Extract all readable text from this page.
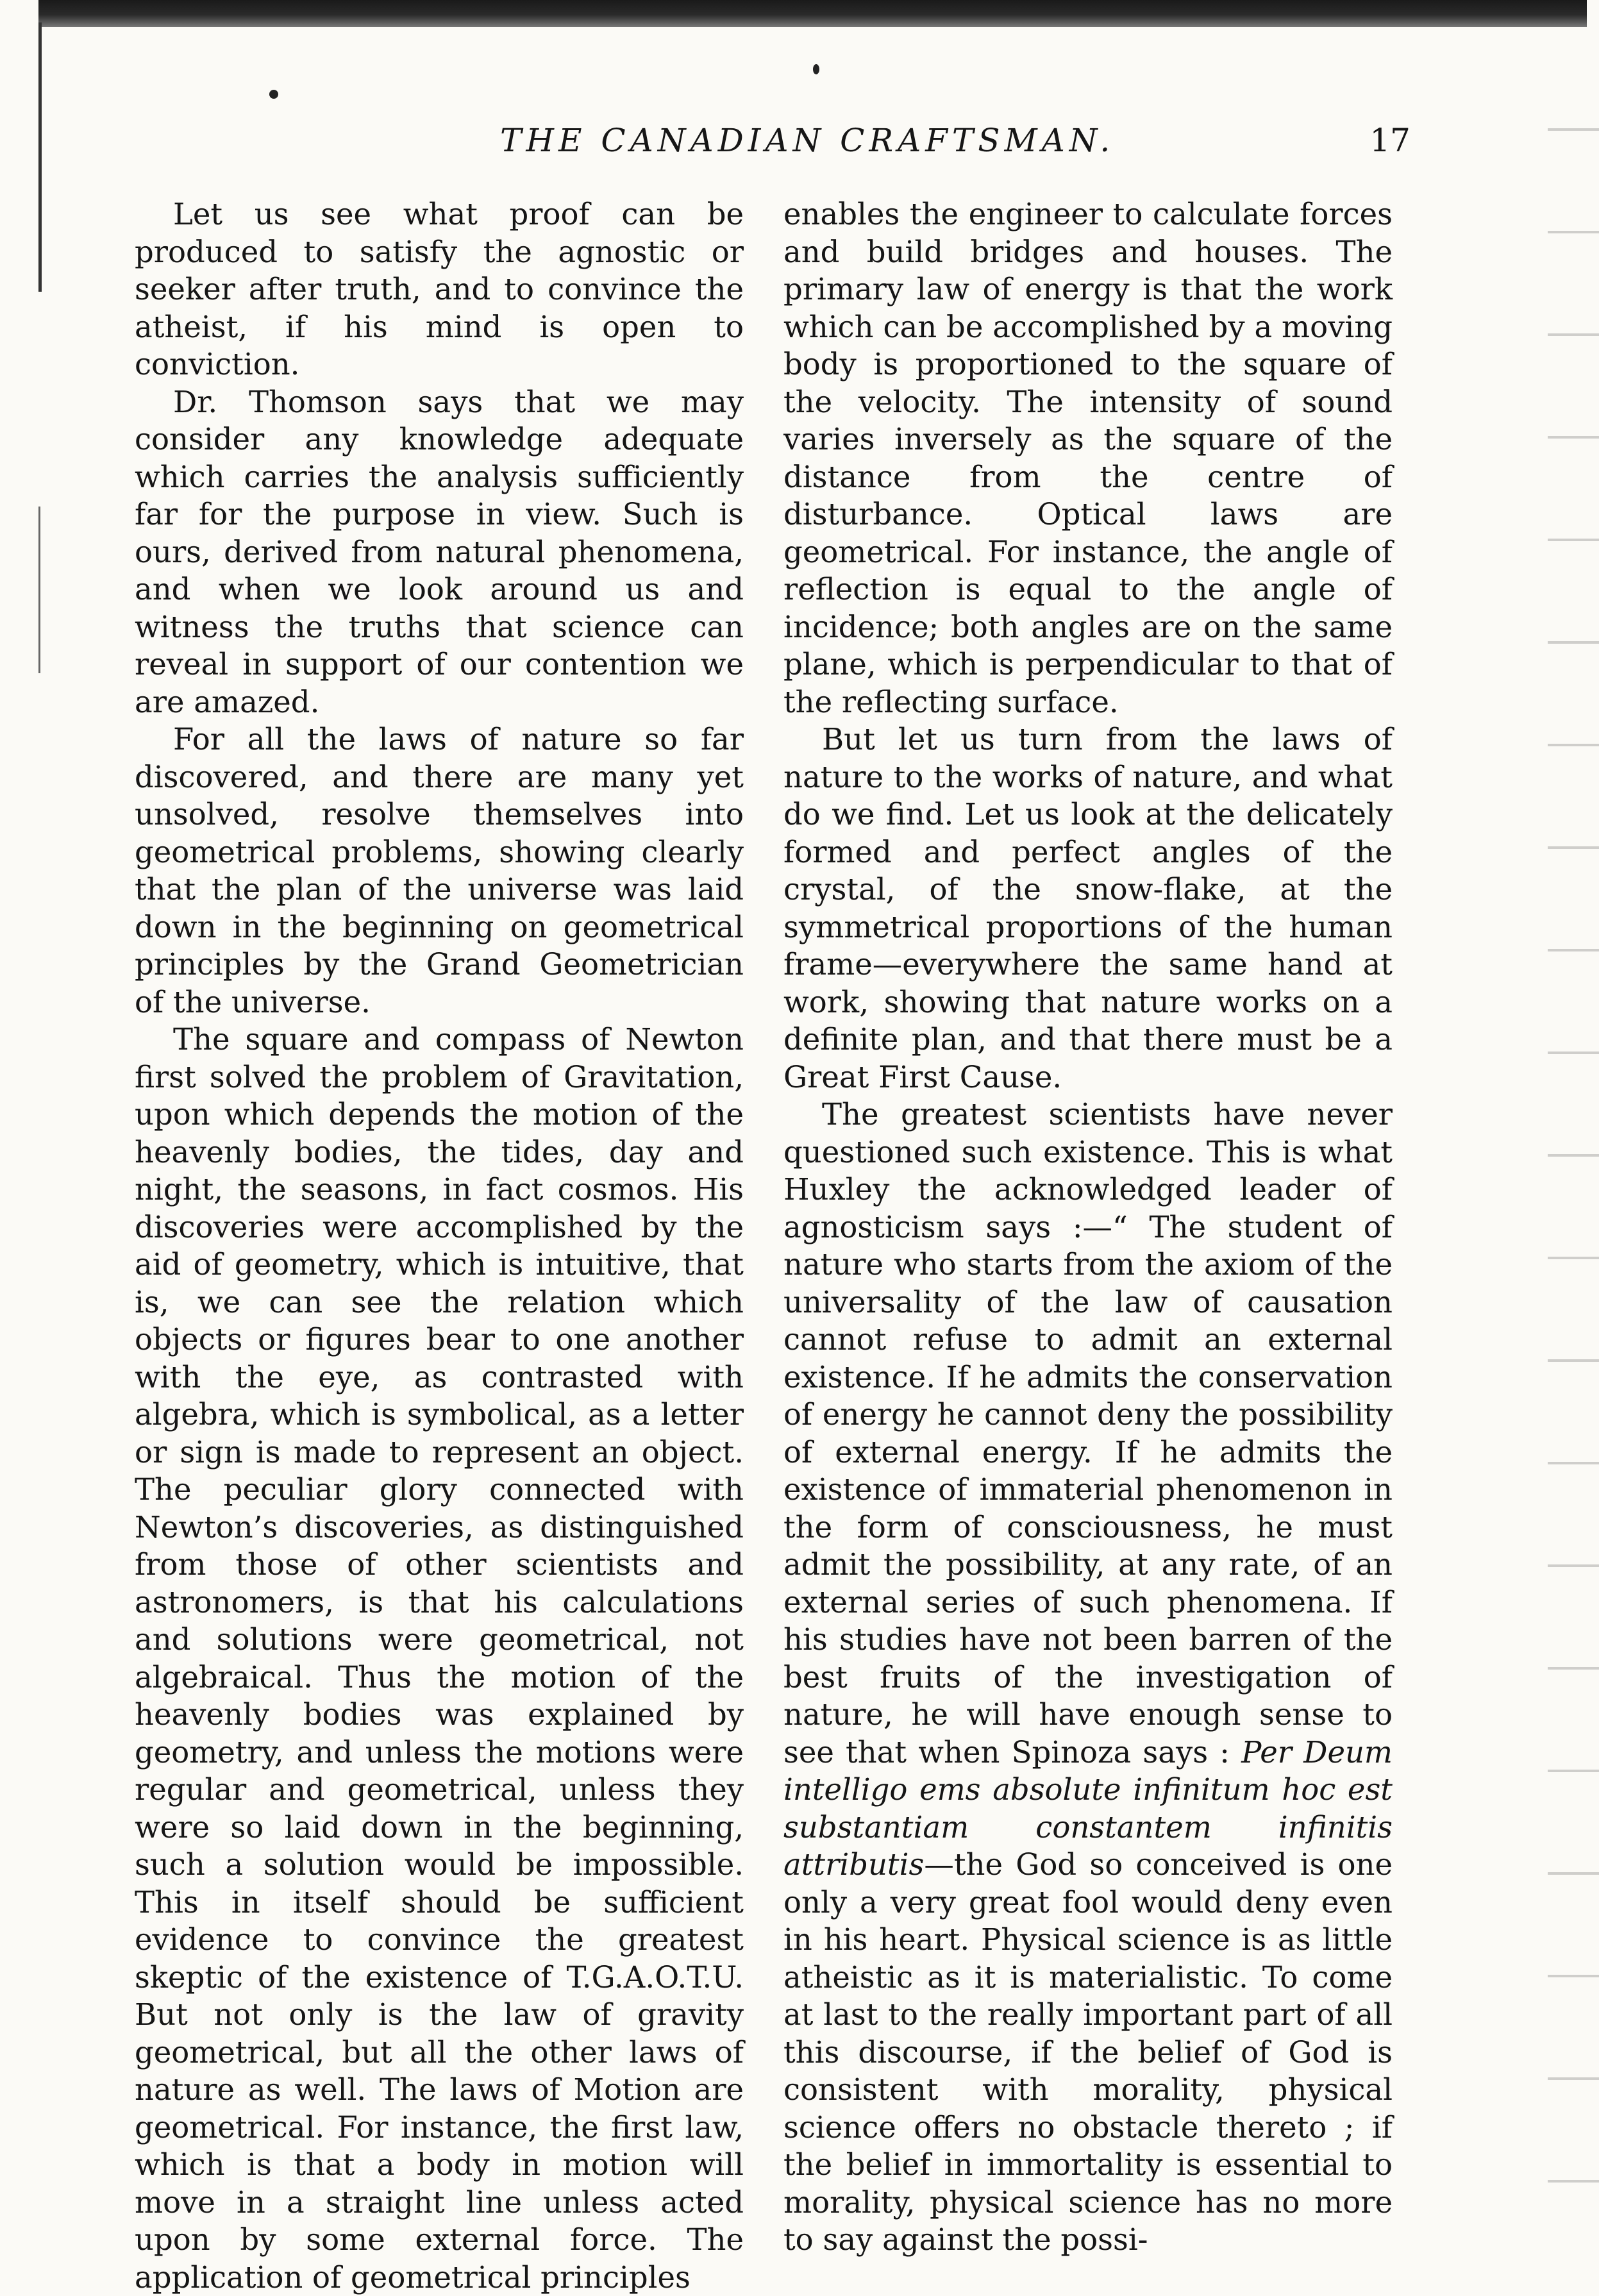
THE CANADIAN CRAFTSMAN.	17

Let us see what proof can be produced to satisfy the agnostic or seeker after truth, and to convince the atheist, if his mind is open to conviction.

Dr. Thomson says that we may consider any knowledge adequate which carries the analysis sufficiently far for the purpose in view. Such is ours, derived from natural phenomena, and when we look around us and witness the truths that science can reveal in support of our contention we are amazed.

For all the laws of nature so far discovered, and there are many yet unsolved, resolve themselves into geometrical problems, showing clearly that the plan of the universe was laid down in the beginning on geometrical principles by the Grand Geometrician of the universe.

The square and compass of Newton first solved the problem of Gravitation, upon which depends the motion of the heavenly bodies, the tides, day and night, the seasons, in fact cosmos. His discoveries were accomplished by the aid of geometry, which is intuitive, that is, we can see the relation which objects or figures bear to one another with the eye, as contrasted with algebra, which is symbolical, as a letter or sign is made to represent an object. The peculiar glory connected with Newton’s discoveries, as distinguished from those of other scientists and astronomers, is that his calculations and solutions were geometrical, not algebraical. Thus the motion of the heavenly bodies was explained by geometry, and unless the motions were regular and geometrical, unless they were so laid down in the beginning, such a solution would be impossible. This in itself should be sufficient evidence to convince the greatest skeptic of the existence of T.G.A.O.T.U. But not only is the law of gravity geometrical, but all the other laws of nature as well. The laws of Motion are geometrical. For instance, the first law, which is that a body in motion will move in a straight line unless acted upon by some external force. The application of geometrical principles

enables the engineer to calculate forces and build bridges and houses. The primary law of energy is that the work which can be accomplished by a moving body is proportioned to the square of the velocity. The intensity of sound varies inversely as the square of the distance from the centre of disturbance. Optical laws are geometrical. For instance, the angle of reflection is equal to the angle of incidence; both angles are on the same plane, which is perpendicular to that of the reflecting surface.

But let us turn from the laws of nature to the works of nature, and what do we find. Let us look at the delicately formed and perfect angles of the crystal, of the snow-flake, at the symmetrical proportions of the human frame—everywhere the same hand at work, showing that nature works on a definite plan, and that there must be a Great First Cause.

The greatest scientists have never questioned such existence. This is what Huxley the acknowledged leader of agnosticism says :—“ The student of nature who starts from the axiom of the universality of the law of causation cannot refuse to admit an external existence. If he admits the conservation of energy he cannot deny the possibility of external energy. If he admits the existence of immaterial phenomenon in the form of consciousness, he must admit the possibility, at any rate, of an external series of such phenomena. If his studies have not been barren of the best fruits of the investigation of nature, he will have enough sense to see that when Spinoza says : Per Deum intelligo ems absolute infinitum hoc est substantiam constantem infinitis attributis—the God so conceived is one only a very great fool would deny even in his heart. Physical science is as little atheistic as it is materialistic. To come at last to the really important part of all this discourse, if the belief of God is consistent with morality, physical science offers no obstacle thereto ; if the belief in immortality is essential to morality, physical science has no more to say against the possi-
